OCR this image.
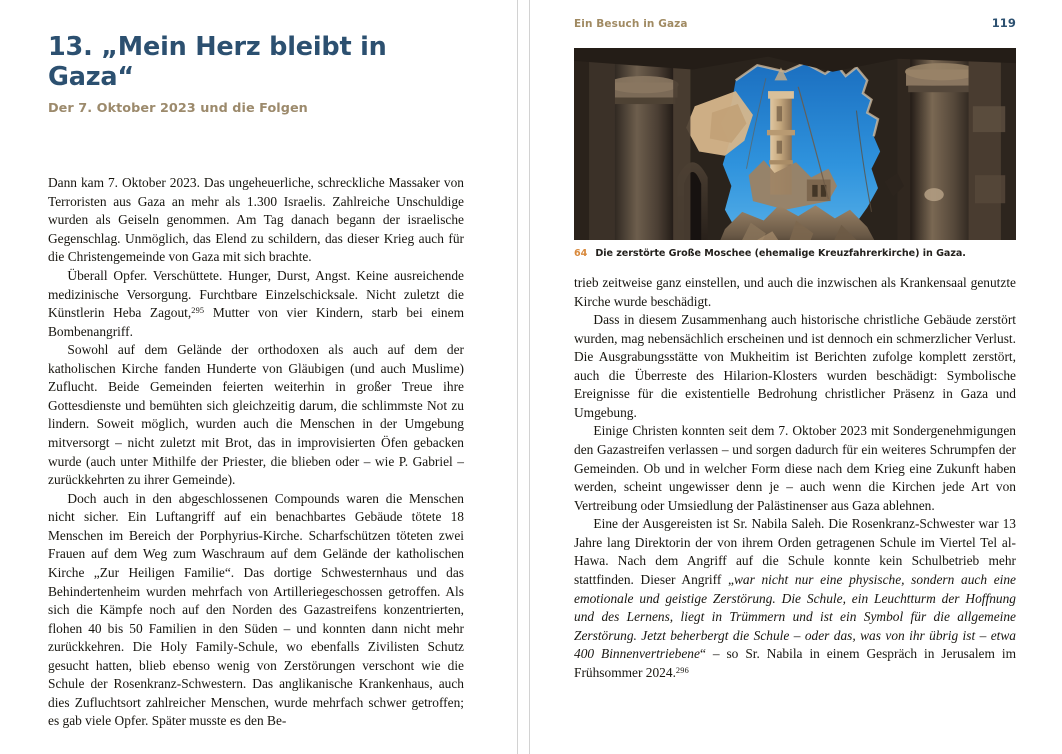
13. „Mein Herz bleibt in Gaza“

Der 7. Oktober 2023 und die Folgen

Dann kam 7. Oktober 2023. Das ungeheuerliche, schreckliche Massaker von Terroristen aus Gaza an mehr als 1.300 Israelis. Zahlreiche Unschuldige wurden als Geiseln genommen. Am Tag danach begann der israelische Gegenschlag. Unmöglich, das Elend zu schildern, das dieser Krieg auch für die Christengemeinde von Gaza mit sich brachte.

Überall Opfer. Verschüttete. Hunger, Durst, Angst. Keine ausreichende medizinische Versorgung. Furchtbare Einzelschicksale. Nicht zuletzt die Künstlerin Heba Zagout,$^{295}$ Mutter von vier Kindern, starb bei einem Bombenangriff.

Sowohl auf dem Gelände der orthodoxen als auch auf dem der katholischen Kirche fanden Hunderte von Gläubigen (und auch Muslime) Zuflucht. Beide Gemeinden feierten weiterhin in großer Treue ihre Gottesdienste und bemühten sich gleichzeitig darum, die schlimmste Not zu lindern. Soweit möglich, wurden auch die Menschen in der Umgebung mitversorgt – nicht zuletzt mit Brot, das in improvisierten Öfen gebacken wurde (auch unter Mithilfe der Priester, die blieben oder – wie P. Gabriel – zurückkehrten zu ihrer Gemeinde).

Doch auch in den abgeschlossenen Compounds waren die Menschen nicht sicher. Ein Luftangriff auf ein benachbartes Gebäude tötete 18 Menschen im Bereich der Porphyrius-Kirche. Scharfschützen töteten zwei Frauen auf dem Weg zum Waschraum auf dem Gelände der katholischen Kirche „Zur Heiligen Familie“. Das dortige Schwesternhaus und das Behindertenheim wurden mehrfach von Artilleriegeschossen getroffen. Als sich die Kämpfe noch auf den Norden des Gazastreifens konzentrierten, flohen 40 bis 50 Familien in den Süden – und konnten dann nicht mehr zurückkehren. Die Holy Family-Schule, wo ebenfalls Zivilisten Schutz gesucht hatten, blieb ebenso wenig von Zerstörungen verschont wie die Schule der Rosenkranz-Schwestern. Das anglikanische Krankenhaus, auch dies Zufluchtsort zahlreicher Menschen, wurde mehrfach schwer getroffen; es gab viele Opfer. Später musste es den Be-

Ein Besuch in Gaza	119
64 Die zerstörte Große Moschee (ehemalige Kreuzfahrerkirche) in Gaza.

trieb zeitweise ganz einstellen, und auch die inzwischen als Krankensaal genutzte Kirche wurde beschädigt.

Dass in diesem Zusammenhang auch historische christliche Gebäude zerstört wurden, mag nebensächlich erscheinen und ist dennoch ein schmerzlicher Verlust. Die Ausgrabungsstätte von Mukheitim ist Berichten zufolge komplett zerstört, auch die Überreste des Hilarion-Klosters wurden beschädigt: Symbolische Ereignisse für die existentielle Bedrohung christlicher Präsenz in Gaza und Umgebung.

Einige Christen konnten seit dem 7. Oktober 2023 mit Sondergenehmigungen den Gazastreifen verlassen – und sorgen dadurch für ein weiteres Schrumpfen der Gemeinden. Ob und in welcher Form diese nach dem Krieg eine Zukunft haben werden, scheint ungewisser denn je – auch wenn die Kirchen jede Art von Vertreibung oder Umsiedlung der Palästinenser aus Gaza ablehnen.

Eine der Ausgereisten ist Sr. Nabila Saleh. Die Rosenkranz-Schwester war 13 Jahre lang Direktorin der von ihrem Orden getragenen Schule im Viertel Tel al-Hawa. Nach dem Angriff auf die Schule konnte kein Schulbetrieb mehr stattfinden. Dieser Angriff „war nicht nur eine physische, sondern auch eine emotionale und geistige Zerstörung. Die Schule, ein Leuchtturm der Hoffnung und des Lernens, liegt in Trümmern und ist ein Symbol für die allgemeine Zerstörung. Jetzt beherbergt die Schule – oder das, was von ihr übrig ist – etwa 400 Binnenvertriebene“ – so Sr. Nabila in einem Gespräch in Jerusalem im Frühsommer 2024.$^{296}$
